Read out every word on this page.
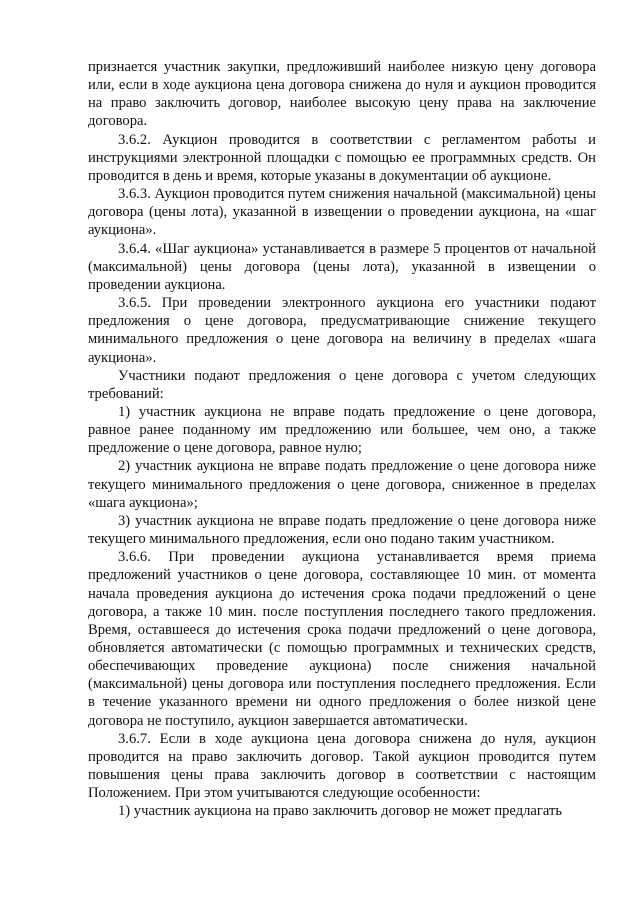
признается участник закупки, предложивший наиболее низкую цену договора или, если в ходе аукциона цена договора снижена до нуля и аукцион проводится на право заключить договор, наиболее высокую цену права на заключение договора.

3.6.2. Аукцион проводится в соответствии с регламентом работы и инструкциями электронной площадки с помощью ее программных средств. Он проводится в день и время, которые указаны в документации об аукционе.

3.6.3. Аукцион проводится путем снижения начальной (максимальной) цены договора (цены лота), указанной в извещении о проведении аукциона, на «шаг аукциона».

3.6.4. «Шаг аукциона» устанавливается в размере 5 процентов от начальной (максимальной) цены договора (цены лота), указанной в извещении о проведении аукциона.

3.6.5. При проведении электронного аукциона его участники подают предложения о цене договора, предусматривающие снижение текущего минимального предложения о цене договора на величину в пределах «шага аукциона».

Участники подают предложения о цене договора с учетом следующих требований:

1) участник аукциона не вправе подать предложение о цене договора, равное ранее поданному им предложению или большее, чем оно, а также предложение о цене договора, равное нулю;

2) участник аукциона не вправе подать предложение о цене договора ниже текущего минимального предложения о цене договора, сниженное в пределах «шага аукциона»;

3) участник аукциона не вправе подать предложение о цене договора ниже текущего минимального предложения, если оно подано таким участником.

3.6.6. При проведении аукциона устанавливается время приема предложений участников о цене договора, составляющее 10 мин. от момента начала проведения аукциона до истечения срока подачи предложений о цене договора, а также 10 мин. после поступления последнего такого предложения. Время, оставшееся до истечения срока подачи предложений о цене договора, обновляется автоматически (с помощью программных и технических средств, обеспечивающих проведение аукциона) после снижения начальной (максимальной) цены договора или поступления последнего предложения. Если в течение указанного времени ни одного предложения о более низкой цене договора не поступило, аукцион завершается автоматически.

3.6.7. Если в ходе аукциона цена договора снижена до нуля, аукцион проводится на право заключить договор. Такой аукцион проводится путем повышения цены права заключить договор в соответствии с настоящим Положением. При этом учитываются следующие особенности:

1) участник аукциона на право заключить договор не может предлагать
